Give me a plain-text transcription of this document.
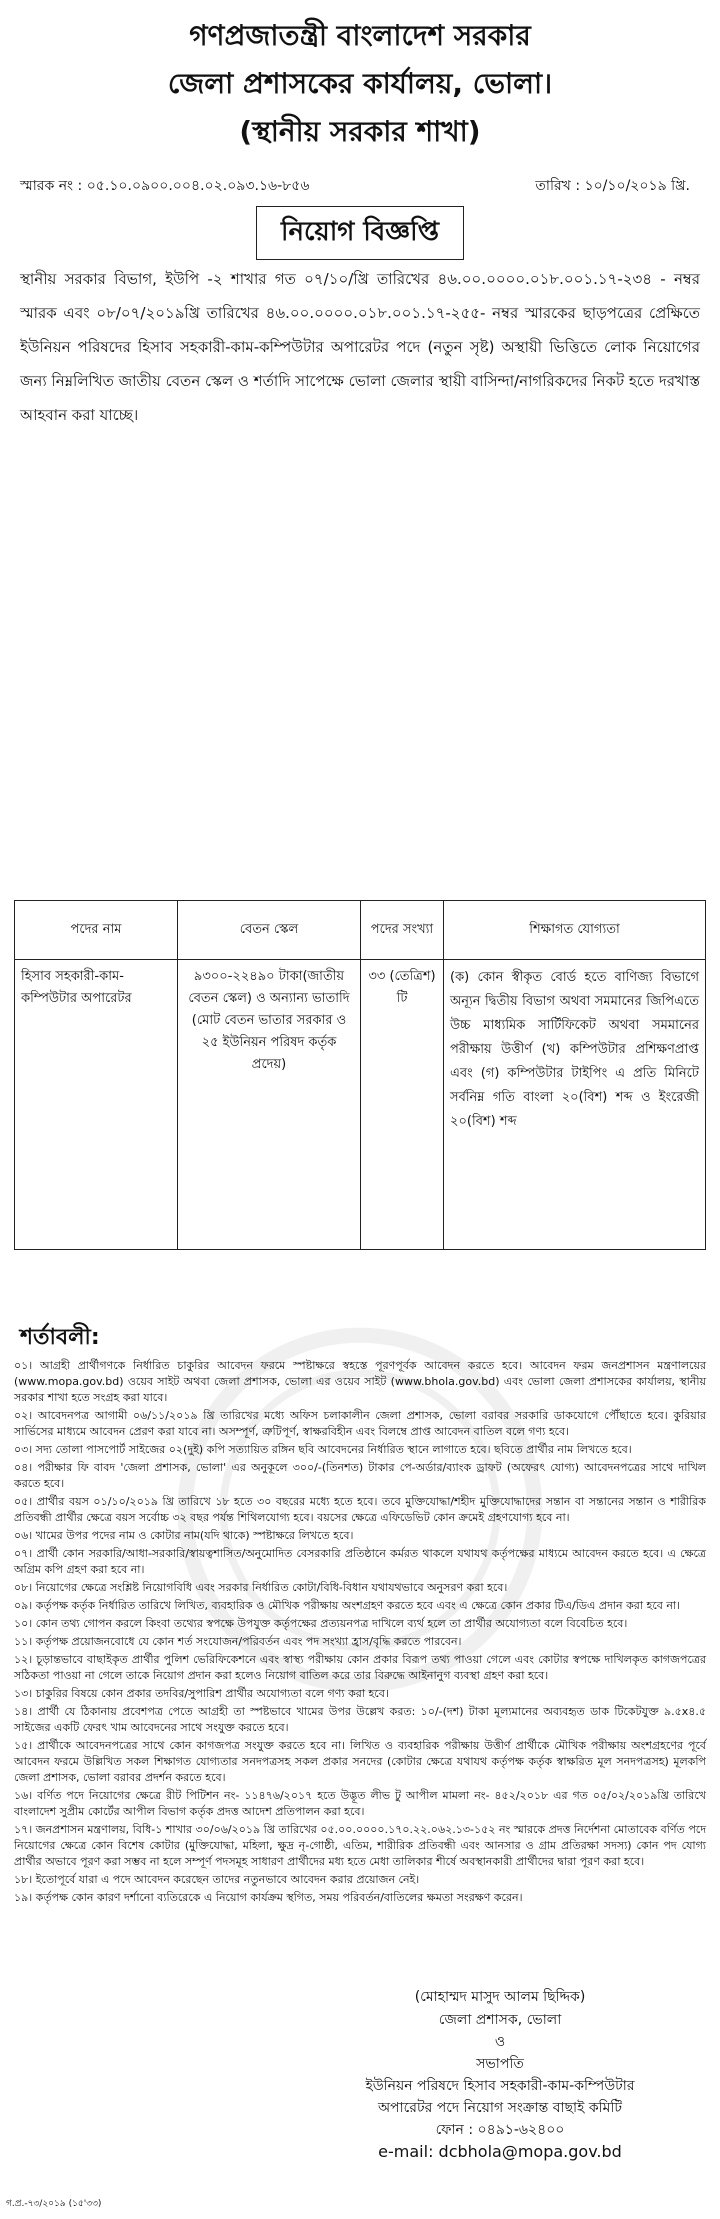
গণপ্রজাতন্ত্রী বাংলাদেশ সরকার
জেলা প্রশাসকের কার্যালয়, ভোলা।
(স্থানীয় সরকার শাখা)
স্মারক নং : ০৫.১০.০৯০০.০০৪.০২.০৯৩.১৬-৮৫৬	তারিখ : ১০/১০/২০১৯ খ্রি.
নিয়োগ বিজ্ঞপ্তি
স্থানীয় সরকার বিভাগ, ইউপি -২ শাখার গত ০৭/১০/খ্রি তারিখের ৪৬.০০.০০০০.০১৮.০০১.১৭-২৩৪ - নম্বর স্মারক এবং ০৮/০৭/২০১৯খ্রি তারিখের ৪৬.০০.০০০০.০১৮.০০১.১৭-২৫৫- নম্বর স্মারকের ছাড়পত্রের প্রেক্ষিতে ইউনিয়ন পরিষদের হিসাব সহকারী-কাম-কম্পিউটার অপারেটর পদে (নতুন সৃষ্ট) অস্থায়ী ভিত্তিতে লোক নিয়োগের জন্য নিম্নলিখিত জাতীয় বেতন স্কেল ও শর্তাদি সাপেক্ষে ভোলা জেলার স্থায়ী বাসিন্দা/নাগরিকদের নিকট হতে দরখাস্ত আহবান করা যাচ্ছে।
পদের নাম	বেতন স্কেল	পদের সংখ্যা	শিক্ষাগত যোগ্যতা
হিসাব সহকারী-কাম-কম্পিউটার অপারেটর	৯৩০০-২২৪৯০ টাকা(জাতীয় বেতন স্কেল) ও অন্যান্য ভাতাদি (মোট বেতন ভাতার সরকার ও ২৫ ইউনিয়ন পরিষদ কর্তৃক প্রদেয়)	৩৩ (তেত্রিশ) টি	(ক) কোন স্বীকৃত বোর্ড হতে বাণিজ্য বিভাগে অন্যূন দ্বিতীয় বিভাগ অথবা সমমানের জিপিএতে উচ্চ মাধ্যমিক সার্টিফিকেট অথবা সমমানের পরীক্ষায় উত্তীর্ণ (খ) কম্পিউটার প্রশিক্ষণপ্রাপ্ত এবং (গ) কম্পিউটার টাইপিং এ প্রতি মিনিটে সর্বনিম্ন গতি বাংলা ২০(বিশ) শব্দ ও ইংরেজী ২০(বিশ) শব্দ
শর্তাবলী:
০১। আগ্রহী প্রার্থীগণকে নির্ধারিত চাকুরির আবেদন ফরমে স্পষ্টাক্ষরে স্বহস্তে পূরণপূর্বক আবেদন করতে হবে। আবেদন ফরম জনপ্রশাসন মন্ত্রণালয়ের (www.mopa.gov.bd) ওয়েব সাইট অথবা জেলা প্রশাসক, ভোলা এর ওয়েব সাইট (www.bhola.gov.bd) এবং ভোলা জেলা প্রশাসকের কার্যালয়, স্থানীয় সরকার শাখা হতে সংগ্রহ করা যাবে।
০২। আবেদনপত্র আগামী ০৬/১১/২০১৯ খ্রি তারিখের মধ্যে অফিস চলাকালীন জেলা প্রশাসক, ভোলা বরাবর সরকারি ডাকযোগে পৌঁছাতে হবে। কুরিয়ার সার্ভিসের মাধ্যমে আবেদন প্রেরণ করা যাবে না। অসম্পূর্ণ, ত্রুটিপূর্ণ, স্বাক্ষরবিহীন এবং বিলম্বে প্রাপ্ত আবেদন বাতিল বলে গণ্য হবে।
০৩। সদ্য তোলা পাসপোর্ট সাইজের ০২(দুই) কপি সত্যায়িত রঙ্গিন ছবি আবেদনের নির্ধারিত স্থানে লাগাতে হবে। ছবিতে প্রার্থীর নাম লিখতে হবে।
০৪। পরীক্ষার ফি বাবদ 'জেলা প্রশাসক, ভোলা' এর অনুকূলে ৩০০/-(তিনশত) টাকার পে-অর্ডার/ব্যাংক ড্রাফট (অফেরৎ যোগ্য) আবেদনপত্রের সাথে দাখিল করতে হবে।
০৫। প্রার্থীর বয়স ০১/১০/২০১৯ খ্রি তারিখে ১৮ হতে ৩০ বছরের মধ্যে হতে হবে। তবে মুক্তিযোদ্ধা/শহীদ মুক্তিযোদ্ধাদের সন্তান বা সন্তানের সন্তান ও শারীরিক প্রতিবন্ধী প্রার্থীর ক্ষেত্রে বয়স সর্বোচ্চ ৩২ বছর পর্যন্ত শিথিলযোগ্য হবে। বয়সের ক্ষেত্রে এফিডেভিট কোন ক্রমেই গ্রহণযোগ্য হবে না।
০৬। খামের উপর পদের নাম ও কোটার নাম(যদি থাকে) স্পষ্টাক্ষরে লিখতে হবে।
০৭। প্রার্থী কোন সরকারি/আধা-সরকারি/স্বায়ত্বশাসিত/অনুমোদিত বেসরকারি প্রতিষ্ঠানে কর্মরত থাকলে যথাযথ কর্তৃপক্ষের মাধ্যমে আবেদন করতে হবে। এ ক্ষেত্রে অগ্রিম কপি গ্রহণ করা হবে না।
০৮। নিয়োগের ক্ষেত্রে সংশ্লিষ্ট নিয়োগবিধি এবং সরকার নির্ধারিত কোটা/বিধি-বিধান যথাযথভাবে অনুসরণ করা হবে।
০৯। কর্তৃপক্ষ কর্তৃক নির্ধারিত তারিখে লিখিত, ব্যবহারিক ও মৌখিক পরীক্ষায় অংশগ্রহণ করতে হবে এবং এ ক্ষেত্রে কোন প্রকার টিএ/ডিএ প্রদান করা হবে না।
১০। কোন তথ্য গোপন করলে কিংবা তথ্যের স্বপক্ষে উপযুক্ত কর্তৃপক্ষের প্রত্যয়নপত্র দাখিলে ব্যর্থ হলে তা প্রার্থীর অযোগ্যতা বলে বিবেচিত হবে।
১১। কর্তৃপক্ষ প্রয়োজনবোধে যে কোন শর্ত সংযোজন/পরিবর্তন এবং পদ সংখ্যা হ্রাস/বৃদ্ধি করতে পারবেন।
১২। চূড়ান্তভাবে বাছাইকৃত প্রার্থীর পুলিশ ভেরিফিকেশনে এবং স্বাস্থ্য পরীক্ষায় কোন প্রকার বিরূপ তথ্য পাওয়া গেলে এবং কোটার স্বপক্ষে দাখিলকৃত কাগজপত্রের সঠিকতা পাওয়া না গেলে তাকে নিয়োগ প্রদান করা হলেও নিয়োগ বাতিল করে তার বিরুদ্ধে আইনানুগ ব্যবস্থা গ্রহণ করা হবে।
১৩। চাকুরির বিষয়ে কোন প্রকার তদবির/সুপারিশ প্রার্থীর অযোগ্যতা বলে গণ্য করা হবে।
১৪। প্রার্থী যে ঠিকানায় প্রবেশপত্র পেতে আগ্রহী তা স্পষ্টভাবে খামের উপর উল্লেখ করত: ১০/-(দশ) টাকা মূল্যমানের অব্যবহৃত ডাক টিকেটযুক্ত ৯.৫x৪.৫ সাইজের একটি ফেরৎ খাম আবেদনের সাথে সংযুক্ত করতে হবে।
১৫। প্রার্থীকে আবেদনপত্রের সাথে কোন কাগজপত্র সংযুক্ত করতে হবে না। লিখিত ও ব্যবহারিক পরীক্ষায় উত্তীর্ণ প্রার্থীকে মৌখিক পরীক্ষায় অংশগ্রহণের পূর্বে আবেদন ফরমে উল্লিখিত সকল শিক্ষাগত যোগ্যতার সনদপত্রসহ সকল প্রকার সনদের (কোটার ক্ষেত্রে যথাযথ কর্তৃপক্ষ কর্তৃক স্বাক্ষরিত মূল সনদপত্রসহ) মূলকপি জেলা প্রশাসক, ভোলা বরাবর প্রদর্শন করতে হবে।
১৬। বর্ণিত পদে নিয়োগের ক্ষেত্রে রীট পিটিশন নং- ১১৪৭৬/২০১৭ হতে উদ্ভূত লীভ টু আপীল মামলা নং- ৪৫২/২০১৮ এর গত ০৫/০২/২০১৯খ্রি তারিখে বাংলাদেশ সুপ্রীম কোর্টের আপীল বিভাগ কর্তৃক প্রদত্ত আদেশ প্রতিপালন করা হবে।
১৭। জনপ্রশাসন মন্ত্রণালয়, বিধি-১ শাখার ৩০/০৬/২০১৯ খ্রি তারিখের ০৫.০০.০০০০.১৭০.২২.০৬২.১৩-১৫২ নং স্মারকে প্রদত্ত নির্দেশনা মোতাবেক বর্ণিত পদে নিয়োগের ক্ষেত্রে কোন বিশেষ কোটার (মুক্তিযোদ্ধা, মহিলা, ক্ষুদ্র নৃ-গোষ্ঠী, এতিম, শারীরিক প্রতিবন্ধী এবং আনসার ও গ্রাম প্রতিরক্ষা সদস্য) কোন পদ যোগ্য প্রার্থীর অভাবে পূরণ করা সম্ভব না হলে সম্পূর্ণ পদসমূহ সাধারণ প্রার্থীদের মধ্য হতে মেধা তালিকার শীর্ষে অবস্থানকারী প্রার্থীদের দ্বারা পূরণ করা হবে।
১৮। ইতোপূর্বে যারা এ পদে আবেদন করেছেন তাদের নতুনভাবে আবেদন করার প্রয়োজন নেই।
১৯। কর্তৃপক্ষ কোন কারণ দর্শানো ব্যতিরেকে এ নিয়োগ কার্যক্রম স্থগিত, সময় পরিবর্তন/বাতিলের ক্ষমতা সংরক্ষণ করেন।
(মোহাম্মদ মাসুদ আলম ছিদ্দিক)
জেলা প্রশাসক, ভোলা
ও
সভাপতি
ইউনিয়ন পরিষদে হিসাব সহকারী-কাম-কম্পিউটার
অপারেটর পদে নিয়োগ সংক্রান্ত বাছাই কমিটি
ফোন : ০৪৯১-৬২৪০০
e-mail: dcbhola@mopa.gov.bd
গ.প্র.-৭৩/২০১৯ (১৫'৩৩)
